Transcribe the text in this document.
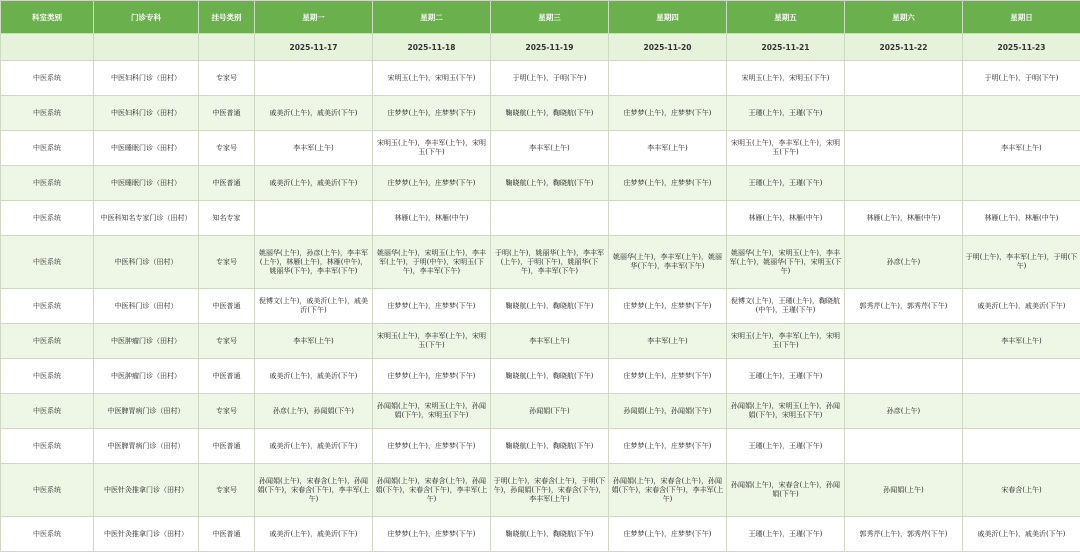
科室类别	门诊专科	挂号类别	星期一	星期二	星期三	星期四	星期五	星期六	星期日
			2025-11-17	2025-11-18	2025-11-19	2025-11-20	2025-11-21	2025-11-22	2025-11-23
中医系统	中医妇科门诊（田村）	专家号		宋明玉(上午)，宋明玉(下午)	于明(上午)，于明(下午)		宋明玉(上午)，宋明玉(下午)		于明(上午)，于明(下午)
中医系统	中医妇科门诊（田村）	中医普通	戚美沂(上午)，戚美沂(下午)	庄梦梦(上午)，庄梦梦(下午)	鞠晓航(上午)，鞠晓航(下午)	庄梦梦(上午)，庄梦梦(下午)	王瑾(上午)，王瑾(下午)		
中医系统	中医睡眠门诊（田村）	专家号	李丰军(上午)	宋明玉(上午)，李丰军(上午)，宋明玉(下午)	李丰军(上午)	李丰军(上午)	宋明玉(上午)，李丰军(上午)，宋明玉(下午)		李丰军(上午)
中医系统	中医睡眠门诊（田村）	中医普通	戚美沂(上午)，戚美沂(下午)	庄梦梦(上午)，庄梦梦(下午)	鞠晓航(上午)，鞠晓航(下午)	庄梦梦(上午)，庄梦梦(下午)	王瑾(上午)，王瑾(下午)		
中医系统	中医科知名专家门诊（田村）	知名专家		林雁(上午)，林雁(中午)			林雁(上午)，林雁(中午)	林雁(上午)，林雁(中午)	林雁(上午)，林雁(中午)
中医系统	中医科门诊（田村）	专家号	姚丽华(上午)，孙彦(上午)，李丰军(上午)，林雁(上午)，林雁(中午)，姚丽华(下午)，李丰军(下午)	姚丽华(上午)，宋明玉(上午)，李丰军(上午)，于明(中午)，宋明玉(下午)，李丰军(下午)	于明(上午)，姚丽华(上午)，李丰军(上午)，于明(下午)，姚丽华(下午)，李丰军(下午)	姚丽华(上午)，李丰军(上午)，姚丽华(下午)，李丰军(下午)	姚丽华(上午)，宋明玉(上午)，李丰军(上午)，姚丽华(下午)，宋明玉(下午)	孙彦(上午)	于明(上午)，李丰军(上午)，于明(下午)
中医系统	中医科门诊（田村）	中医普通	倪博文(上午)，戚美沂(上午)，戚美沂(下午)	庄梦梦(上午)，庄梦梦(下午)	鞠晓航(上午)，鞠晓航(下午)	庄梦梦(上午)，庄梦梦(下午)	倪博文(上午)，王瑾(上午)，鞠晓航(中午)，王瑾(下午)	郭秀芹(上午)，郭秀芹(下午)	戚美沂(上午)，戚美沂(下午)
中医系统	中医肿瘤门诊（田村）	专家号	李丰军(上午)	宋明玉(上午)，李丰军(上午)，宋明玉(下午)	李丰军(上午)	李丰军(上午)	宋明玉(上午)，李丰军(上午)，宋明玉(下午)		李丰军(上午)
中医系统	中医肿瘤门诊（田村）	中医普通	戚美沂(上午)，戚美沂(下午)	庄梦梦(上午)，庄梦梦(下午)	鞠晓航(上午)，鞠晓航(下午)	庄梦梦(上午)，庄梦梦(下午)	王瑾(上午)，王瑾(下午)		
中医系统	中医脾胃病门诊（田村）	专家号	孙彦(上午)，孙闻娟(下午)	孙闻娟(上午)，宋明玉(上午)，孙闻娟(下午)，宋明玉(下午)	孙闻娟(下午)	孙闻娟(上午)，孙闻娟(下午)	孙闻娟(上午)，宋明玉(上午)，孙闻娟(下午)，宋明玉(下午)	孙彦(上午)	
中医系统	中医脾胃病门诊（田村）	中医普通	戚美沂(上午)，戚美沂(下午)	庄梦梦(上午)，庄梦梦(下午)	鞠晓航(上午)，鞠晓航(下午)	庄梦梦(上午)，庄梦梦(下午)	王瑾(上午)，王瑾(下午)		
中医系统	中医针灸推拿门诊（田村）	专家号	孙闻娟(上午)，宋春含(上午)，孙闻娟(下午)，宋春含(下午)，李丰军(上午)	孙闻娟(上午)，宋春含(上午)，孙闻娟(下午)，宋春含(下午)，李丰军(上午)	于明(上午)，宋春含(上午)，于明(下午)，孙闻娟(下午)，宋春含(下午)，李丰军(上午)	孙闻娟(上午)，宋春含(上午)，孙闻娟(下午)，宋春含(下午)，李丰军(上午)	孙闻娟(上午)，宋春含(上午)，孙闻娟(下午)	孙闻娟(上午)	宋春含(上午)
中医系统	中医针灸推拿门诊（田村）	中医普通	戚美沂(上午)，戚美沂(下午)	庄梦梦(上午)，庄梦梦(下午)	鞠晓航(上午)，鞠晓航(下午)	庄梦梦(上午)，庄梦梦(下午)	王瑾(上午)，王瑾(下午)	郭秀芹(上午)，郭秀芹(下午)	戚美沂(上午)，戚美沂(下午)
